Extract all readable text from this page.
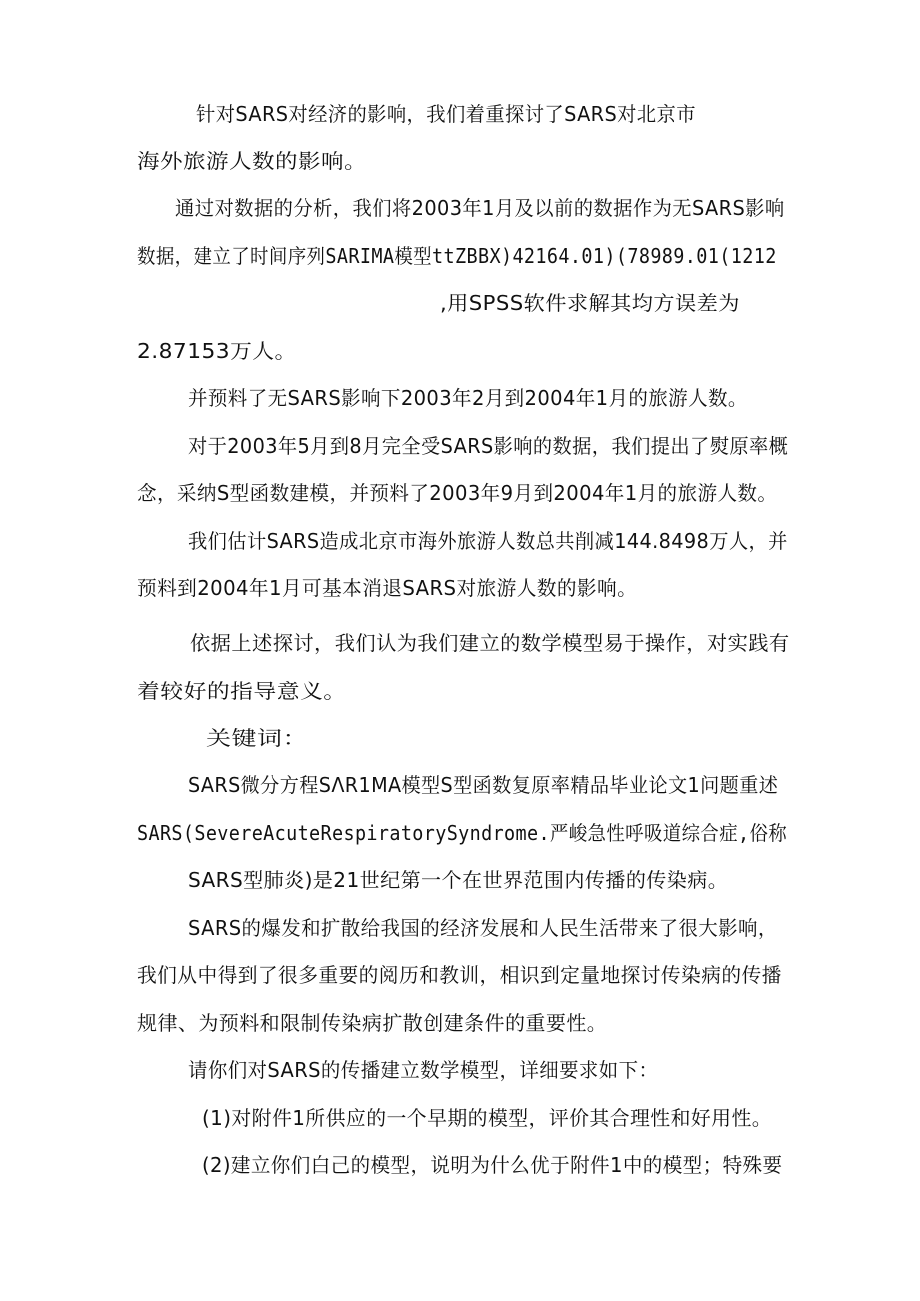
针对SARS对经济的影响，我们着重探讨了SARS对北京市
海外旅游人数的影响。
通过对数据的分析，我们将2003年1月及以前的数据作为无SARS影响
数据，建立了时间序列SARIMA模型ttZBBX)42164.01)(78989.01(1212
,用SPSS软件求解其均方误差为
2.87153万人。
并预料了无SARS影响下2003年2月到2004年1月的旅游人数。
对于2003年5月到8月完全受SARS影响的数据，我们提出了熨原率概
念，采纳S型函数建模，并预料了2003年9月到2004年1月的旅游人数。
我们估计SARS造成北京市海外旅游人数总共削减144.8498万人，并
预料到2004年1月可基本消退SARS对旅游人数的影响。
依据上述探讨，我们认为我们建立的数学模型易于操作，对实践有
着较好的指导意义。
关键词：
SARS微分方程SΛR1MA模型S型函数复原率精品毕业论文1问题重述
SARS(SevereAcuteRespiratorySyndrome.严峻急性呼吸道综合症,俗称
SARS型肺炎)是21世纪第一个在世界范围内传播的传染病。
SARS的爆发和扩散给我国的经济发展和人民生活带来了很大影响，
我们从中得到了很多重要的阅历和教训，相识到定量地探讨传染病的传播
规律、为预料和限制传染病扩散创建条件的重要性。
请你们对SARS的传播建立数学模型，详细要求如下：
(1)对附件1所供应的一个早期的模型，评价其合理性和好用性。
(2)建立你们白己的模型，说明为什么优于附件1中的模型；特殊要
